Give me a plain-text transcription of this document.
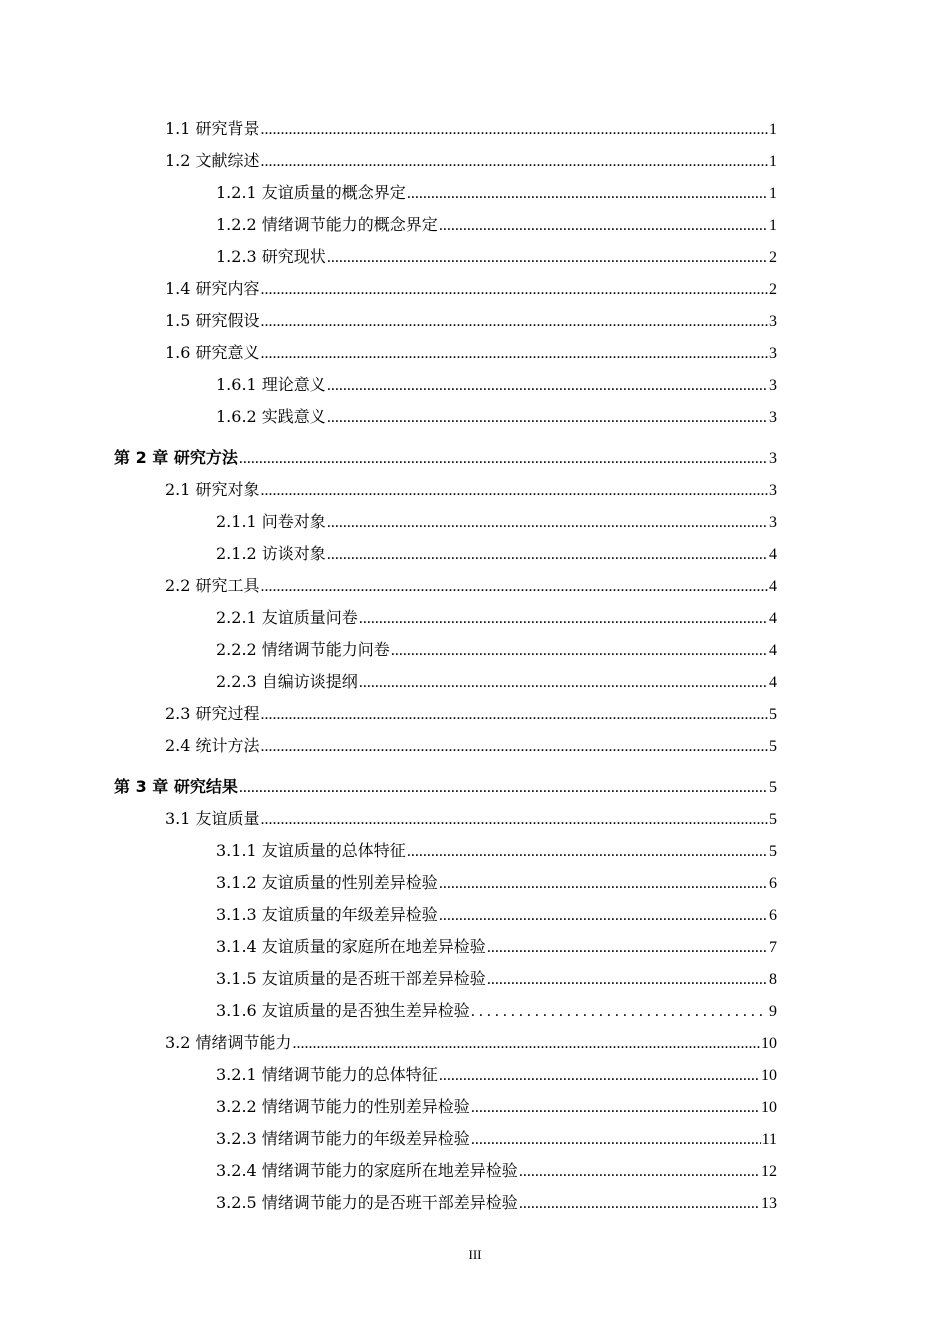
1.1 研究背景 .....	1
1.2 文献综述 .....	1
1.2.1 友谊质量的概念界定 .....	1
1.2.2 情绪调节能力的概念界定 .....	1
1.2.3 研究现状 .....	2
1.4 研究内容 .....	2
1.5 研究假设 .....	3
1.6 研究意义 .....	3
1.6.1 理论意义 .....	3
1.6.2 实践意义 .....	3
第 2 章 研究方法 .....	3
2.1 研究对象 .....	3
2.1.1 问卷对象 .....	3
2.1.2 访谈对象 .....	4
2.2 研究工具 .....	4
2.2.1 友谊质量问卷 .....	4
2.2.2 情绪调节能力问卷 .....	4
2.2.3 自编访谈提纲 .....	4
2.3 研究过程 .....	5
2.4 统计方法 .....	5
第 3 章 研究结果 .....	5
3.1 友谊质量 .....	5
3.1.1 友谊质量的总体特征 .....	5
3.1.2 友谊质量的性别差异检验 .....	6
3.1.3 友谊质量的年级差异检验 .....	6
3.1.4 友谊质量的家庭所在地差异检验 .....	7
3.1.5 友谊质量的是否班干部差异检验 .....	8
3.1.6 友谊质量的是否独生差异检验 . . .	9
3.2 情绪调节能力 .....	10
3.2.1 情绪调节能力的总体特征 .....	10
3.2.2 情绪调节能力的性别差异检验 .....	10
3.2.3 情绪调节能力的年级差异检验 .....	11
3.2.4 情绪调节能力的家庭所在地差异检验 .....	12
3.2.5 情绪调节能力的是否班干部差异检验 .....	13
III
